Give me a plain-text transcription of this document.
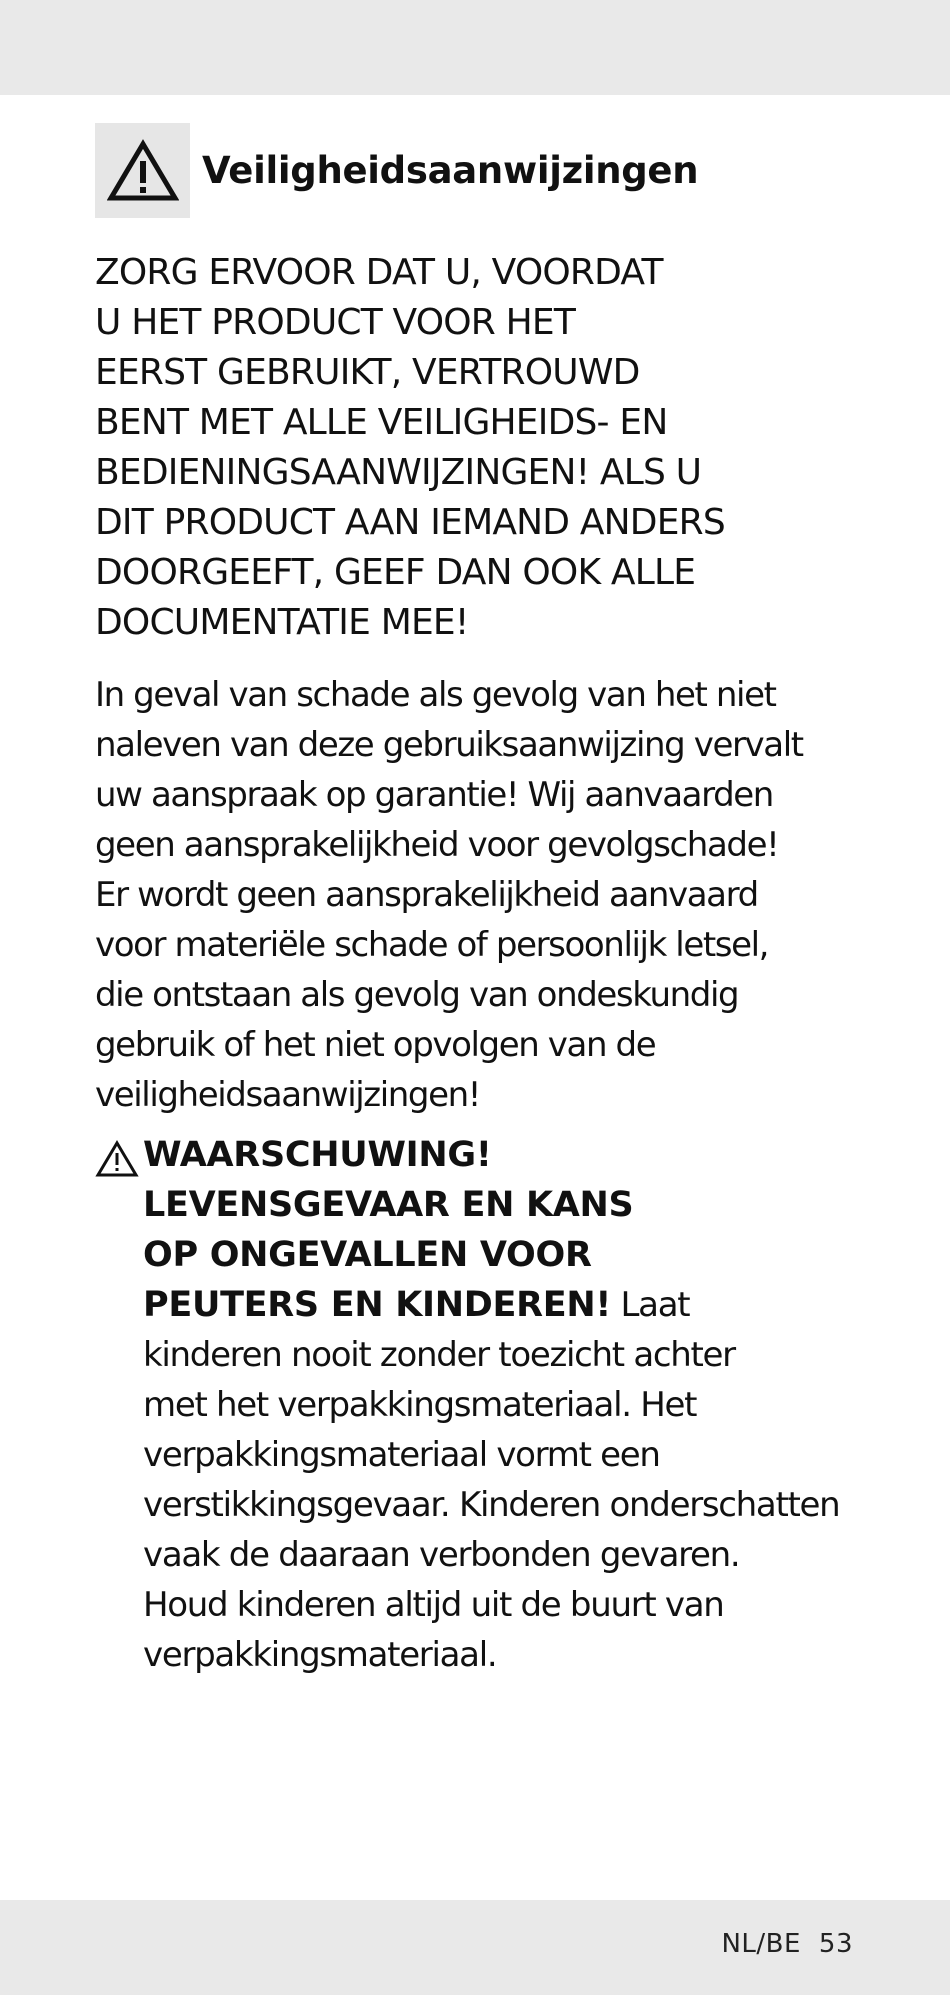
Veiligheidsaanwijzingen
ZORG ERVOOR DAT U, VOORDAT
U HET PRODUCT VOOR HET
EERST GEBRUIKT, VERTROUWD
BENT MET ALLE VEILIGHEIDS- EN
BEDIENINGSAANWIJZINGEN! ALS U
DIT PRODUCT AAN IEMAND ANDERS
DOORGEEFT, GEEF DAN OOK ALLE
DOCUMENTATIE MEE!
In geval van schade als gevolg van het niet
naleven van deze gebruiksaanwijzing vervalt
uw aanspraak op garantie! Wij aanvaarden
geen aansprakelijkheid voor gevolgschade!
Er wordt geen aansprakelijkheid aanvaard
voor materiële schade of persoonlijk letsel,
die ontstaan als gevolg van ondeskundig
gebruik of het niet opvolgen van de
veiligheidsaanwijzingen!
WAARSCHUWING!
LEVENSGEVAAR EN KANS
OP ONGEVALLEN VOOR
PEUTERS EN KINDEREN! Laat
kinderen nooit zonder toezicht achter
met het verpakkingsmateriaal. Het
verpakkingsmateriaal vormt een
verstikkingsgevaar. Kinderen onderschatten
vaak de daaraan verbonden gevaren.
Houd kinderen altijd uit de buurt van
verpakkingsmateriaal.
NL/BE 53
